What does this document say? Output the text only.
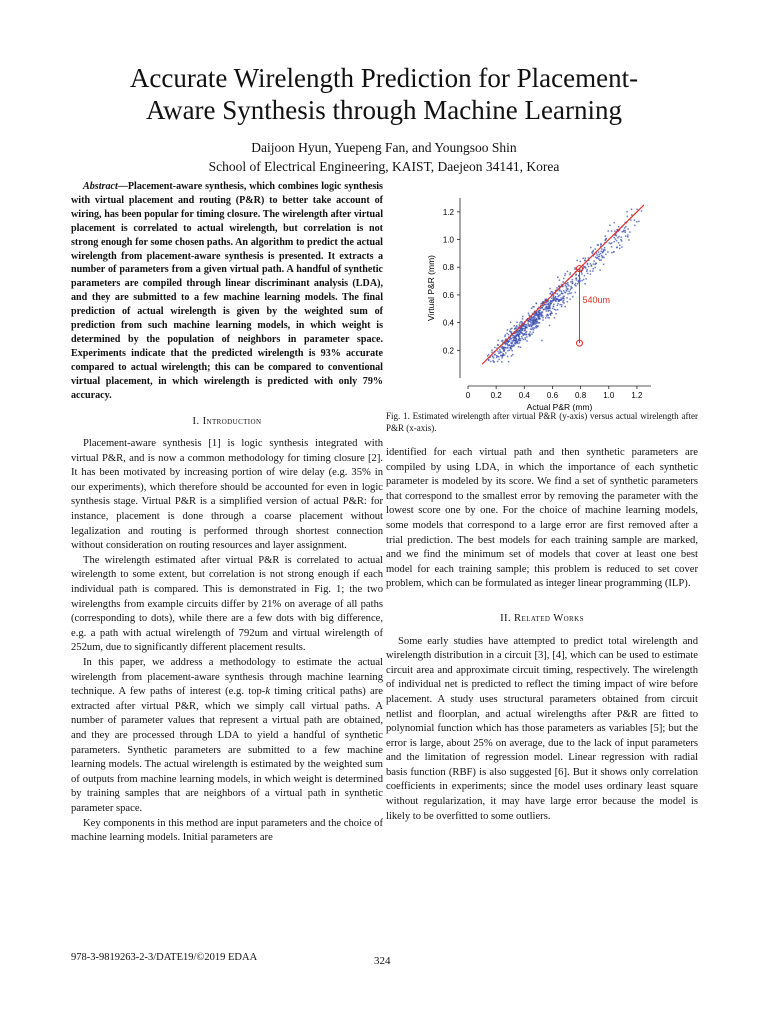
Accurate Wirelength Prediction for Placement-
Aware Synthesis through Machine Learning
Daijoon Hyun, Yuepeng Fan, and Youngsoo Shin
School of Electrical Engineering, KAIST, Daejeon 34141, Korea

Abstract—Placement-aware synthesis, which combines logic synthesis with virtual placement and routing (P&R) to better take account of wiring, has been popular for timing closure. The wirelength after virtual placement is correlated to actual wirelength, but correlation is not strong enough for some chosen paths. An algorithm to predict the actual wirelength from placement-aware synthesis is presented. It extracts a number of parameters from a given virtual path. A handful of synthetic parameters are compiled through linear discriminant analysis (LDA), and they are submitted to a few machine learning models. The final prediction of actual wirelength is given by the weighted sum of prediction from such machine learning models, in which weight is determined by the population of neighbors in parameter space. Experiments indicate that the predicted wirelength is 93% accurate compared to actual wirelength; this can be compared to conventional virtual placement, in which wirelength is predicted with only 79% accuracy.

I. Introduction

Placement-aware synthesis [1] is logic synthesis integrated with virtual P&R, and is now a common methodology for timing closure [2]. It has been motivated by increasing portion of wire delay (e.g. 35% in our experiments), which therefore should be accounted for even in logic synthesis stage. Virtual P&R is a simplified version of actual P&R: for instance, placement is done through a coarse placement without legalization and routing is performed through shortest connection without consideration on routing resources and layer assignment.

The wirelength estimated after virtual P&R is correlated to actual wirelength to some extent, but correlation is not strong enough if each individual path is compared. This is demonstrated in Fig. 1; the two wirelengths from example circuits differ by 21% on average of all paths (corresponding to dots), while there are a few dots with big difference, e.g. a path with actual wirelength of 792um and virtual wirelength of 252um, due to significantly different placement results.

In this paper, we address a methodology to estimate the actual wirelength from placement-aware synthesis through machine learning technique. A few paths of interest (e.g. top-k timing critical paths) are extracted after virtual P&R, which we simply call virtual paths. A number of parameter values that represent a virtual path are obtained, and they are processed through LDA to yield a handful of synthetic parameters. Synthetic parameters are submitted to a few machine learning models. The actual wirelength is estimated by the weighted sum of outputs from machine learning models, in which weight is determined by training samples that are neighbors of a virtual path in synthetic parameter space.

Key components in this method are input parameters and the choice of machine learning models. Initial parameters are

540um
0	0.2 0.4 0.6 0.8 1.0 1.2
0.2
0.4
0.6
0.8
1.0
1.2
Actual P&R (mm)
Virtual P&R (mm)
Fig. 1. Estimated wirelength after virtual P&R (y-axis) versus actual wirelength after P&R (x-axis).

identified for each virtual path and then synthetic parameters are compiled by using LDA, in which the importance of each synthetic parameter is modeled by its score. We find a set of synthetic parameters that correspond to the smallest error by removing the parameter with the lowest score one by one. For the choice of machine learning models, some models that correspond to a large error are first removed after a trial prediction. The best models for each training sample are marked, and we find the minimum set of models that cover at least one best model for each training sample; this problem is reduced to set cover problem, which can be formulated as integer linear programming (ILP).

II. Related Works

Some early studies have attempted to predict total wirelength and wirelength distribution in a circuit [3], [4], which can be used to estimate circuit area and approximate circuit timing, respectively. The wirelength of individual net is predicted to reflect the timing impact of wire before placement. A study uses structural parameters obtained from circuit netlist and floorplan, and actual wirelengths after P&R are fitted to polynomial function which has those parameters as variables [5]; but the error is large, about 25% on average, due to the lack of input parameters and the limitation of regression model. Linear regression with radial basis function (RBF) is also suggested [6]. But it shows only correlation coefficients in experiments; since the model uses ordinary least square without regularization, it may have large error because the model is likely to be overfitted to some outliers.

978-3-9819263-2-3/DATE19/©2019 EDAA	324
